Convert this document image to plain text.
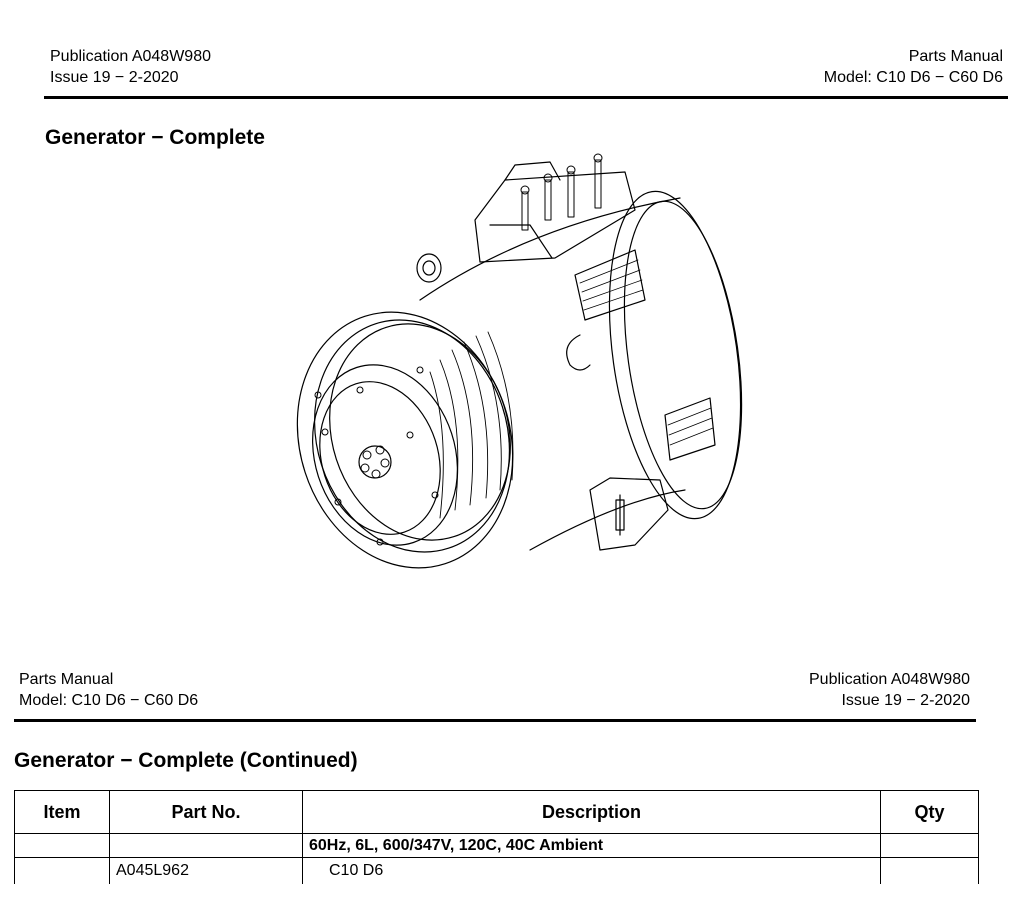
Publication A048W980
Issue 19 − 2-2020
Parts Manual
Model: C10 D6 − C60 D6
Generator − Complete
Parts Manual
Model: C10 D6 − C60 D6
Publication A048W980
Issue 19 − 2-2020
Generator − Complete (Continued)
Item	Part No.	Description	Qty
		60Hz, 6L, 600/347V, 120C, 40C Ambient	
	A045L962	C10 D6	
